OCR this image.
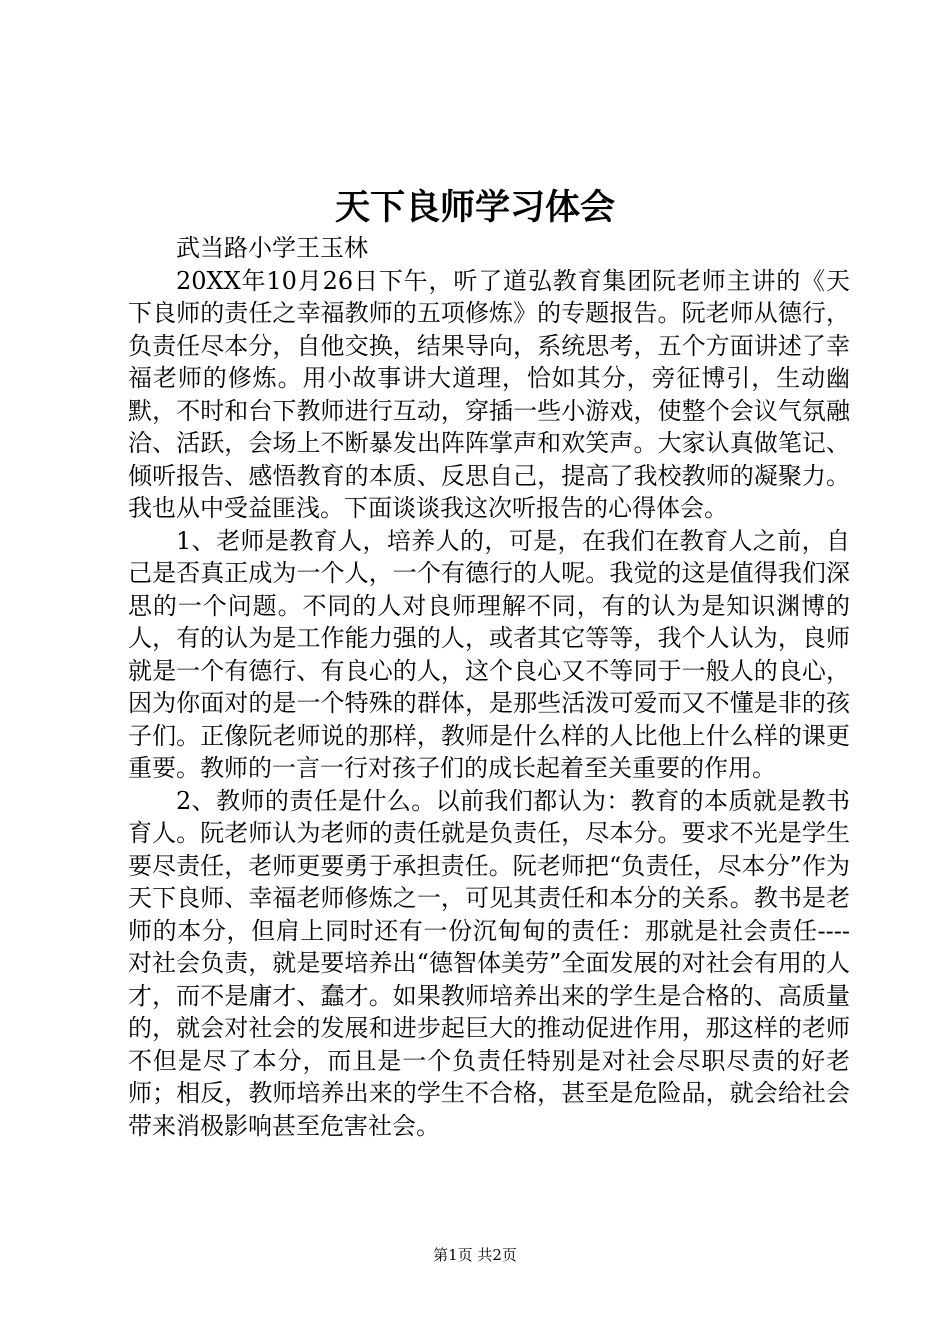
天下良师学习体会

武当路小学王玉林

20XX年10月26日下午，听了道弘教育集团阮老师主讲的《天下良师的责任之幸福教师的五项修炼》的专题报告。阮老师从德行，负责任尽本分，自他交换，结果导向，系统思考，五个方面讲述了幸福老师的修炼。用小故事讲大道理，恰如其分，旁征博引，生动幽默，不时和台下教师进行互动，穿插一些小游戏，使整个会议气氛融洽、活跃，会场上不断暴发出阵阵掌声和欢笑声。大家认真做笔记、倾听报告、感悟教育的本质、反思自己，提高了我校教师的凝聚力。我也从中受益匪浅。下面谈谈我这次听报告的心得体会。

1、老师是教育人，培养人的，可是，在我们在教育人之前，自己是否真正成为一个人，一个有德行的人呢。我觉的这是值得我们深思的一个问题。不同的人对良师理解不同，有的认为是知识渊博的人，有的认为是工作能力强的人，或者其它等等，我个人认为，良师就是一个有德行、有良心的人，这个良心又不等同于一般人的良心，因为你面对的是一个特殊的群体，是那些活泼可爱而又不懂是非的孩子们。正像阮老师说的那样，教师是什么样的人比他上什么样的课更重要。教师的一言一行对孩子们的成长起着至关重要的作用。

2、教师的责任是什么。以前我们都认为：教育的本质就是教书育人。阮老师认为老师的责任就是负责任，尽本分。要求不光是学生要尽责任，老师更要勇于承担责任。阮老师把“负责任，尽本分”作为天下良师、幸福老师修炼之一，可见其责任和本分的关系。教书是老师的本分，但肩上同时还有一份沉甸甸的责任：那就是社会责任----对社会负责，就是要培养出“德智体美劳”全面发展的对社会有用的人才，而不是庸才、蠢才。如果教师培养出来的学生是合格的、高质量的，就会对社会的发展和进步起巨大的推动促进作用，那这样的老师不但是尽了本分，而且是一个负责任特别是对社会尽职尽责的好老师；相反，教师培养出来的学生不合格，甚至是危险品，就会给社会带来消极影响甚至危害社会。

第1页 共2页
